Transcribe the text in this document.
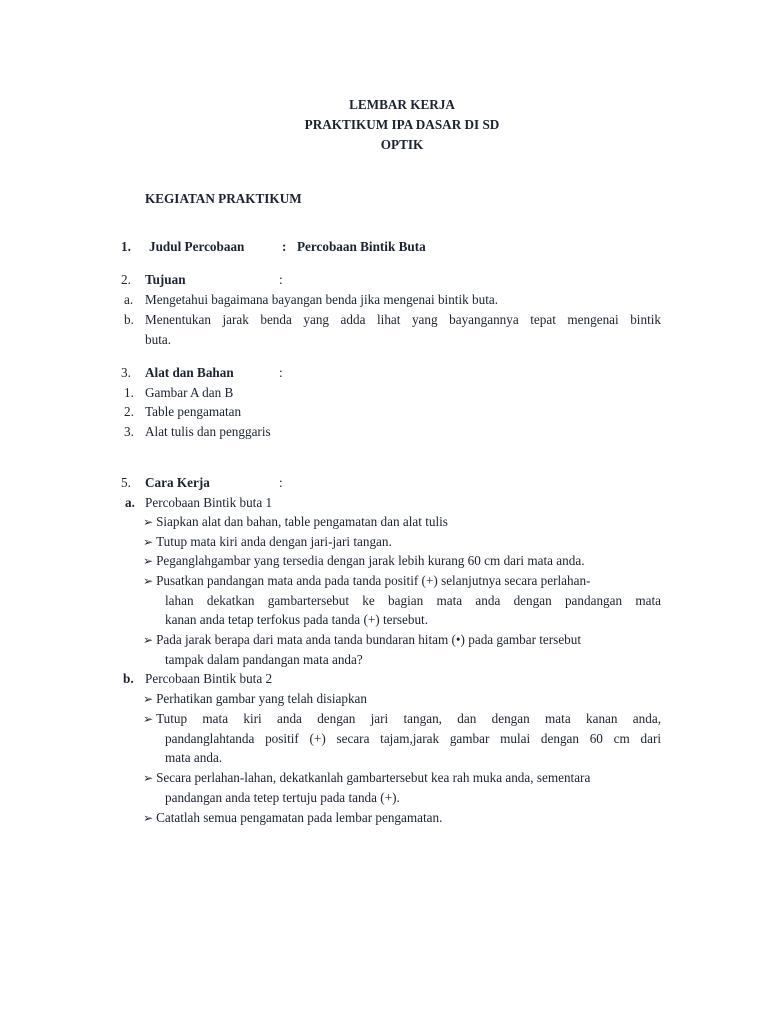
LEMBAR KERJA
PRAKTIKUM IPA DASAR DI SD
OPTIK
KEGIATAN PRAKTIKUM
1. Judul Percobaan	: Percobaan Bintik Buta
2. Tujuan	:
a. Mengetahui bagaimana bayangan benda jika mengenai bintik buta.
b. Menentukan jarak benda yang adda lihat yang bayangannya tepat mengenai bintik
buta.
3. Alat dan Bahan	:
1. Gambar A dan B
2. Table pengamatan
3. Alat tulis dan penggaris
5. Cara Kerja	:
a. Percobaan Bintik buta 1
➢ Siapkan alat dan bahan, table pengamatan dan alat tulis
➢ Tutup mata kiri anda dengan jari-jari tangan.
➢ Peganglahgambar yang tersedia dengan jarak lebih kurang 60 cm dari mata anda.
➢ Pusatkan pandangan mata anda pada tanda positif (+) selanjutnya secara perlahan-
lahan dekatkan gambartersebut ke bagian mata anda dengan pandangan mata
kanan anda tetap terfokus pada tanda (+) tersebut.
➢ Pada jarak berapa dari mata anda tanda bundaran hitam (•) pada gambar tersebut
tampak dalam pandangan mata anda?
b. Percobaan Bintik buta 2
➢ Perhatikan gambar yang telah disiapkan
➢ Tutup mata kiri anda dengan jari tangan, dan dengan mata kanan anda,
pandanglahtanda positif (+) secara tajam,jarak gambar mulai dengan 60 cm dari
mata anda.
➢ Secara perlahan-lahan, dekatkanlah gambartersebut kea rah muka anda, sementara
pandangan anda tetep tertuju pada tanda (+).
➢ Catatlah semua pengamatan pada lembar pengamatan.
